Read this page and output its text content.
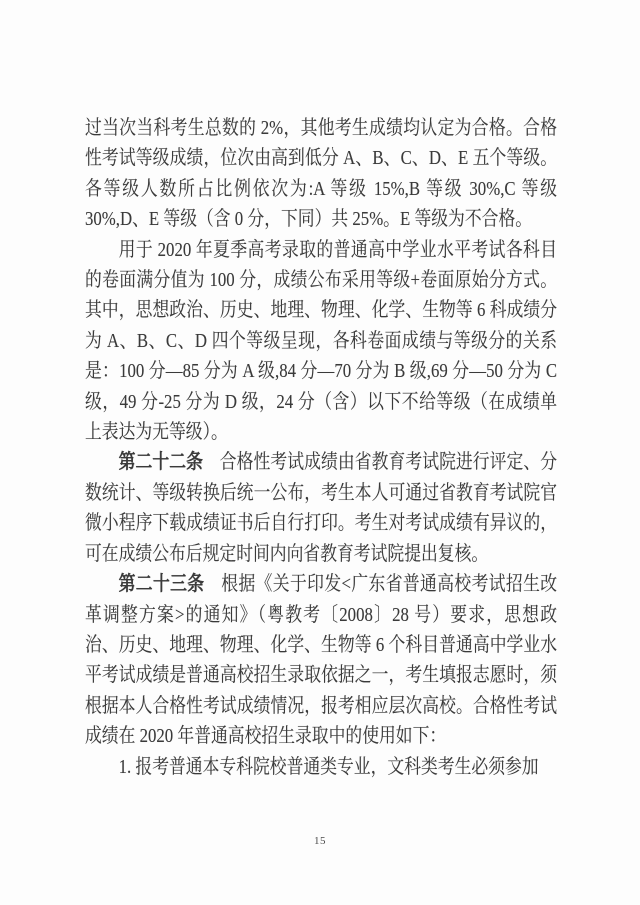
过当次当科考生总数的 2%，其他考生成绩均认定为合格。合格性考试等级成绩，位次由高到低分 A、B、C、D、E 五个等级。各等级人数所占比例依次为:A 等级 15%,B 等级 30%,C 等级 30%,D、E 等级（含 0 分，下同）共 25%。E 等级为不合格。

用于 2020 年夏季高考录取的普通高中学业水平考试各科目的卷面满分值为 100 分，成绩公布采用等级+卷面原始分方式。其中，思想政治、历史、地理、物理、化学、生物等 6 科成绩分为 A、B、C、D 四个等级呈现，各科卷面成绩与等级分的关系是：100 分—85 分为 A 级,84 分—70 分为 B 级,69 分—50 分为 C 级，49 分-25 分为 D 级，24 分（含）以下不给等级（在成绩单上表达为无等级）。

第二十二条 合格性考试成绩由省教育考试院进行评定、分数统计、等级转换后统一公布，考生本人可通过省教育考试院官微小程序下载成绩证书后自行打印。考生对考试成绩有异议的，可在成绩公布后规定时间内向省教育考试院提出复核。

第二十三条 根据《关于印发<广东省普通高校考试招生改革调整方案>的通知》（粤教考〔2008〕28 号）要求，思想政治、历史、地理、物理、化学、生物等 6 个科目普通高中学业水平考试成绩是普通高校招生录取依据之一，考生填报志愿时，须根据本人合格性考试成绩情况，报考相应层次高校。合格性考试成绩在 2020 年普通高校招生录取中的使用如下：

1. 报考普通本专科院校普通类专业，文科类考生必须参加

15
